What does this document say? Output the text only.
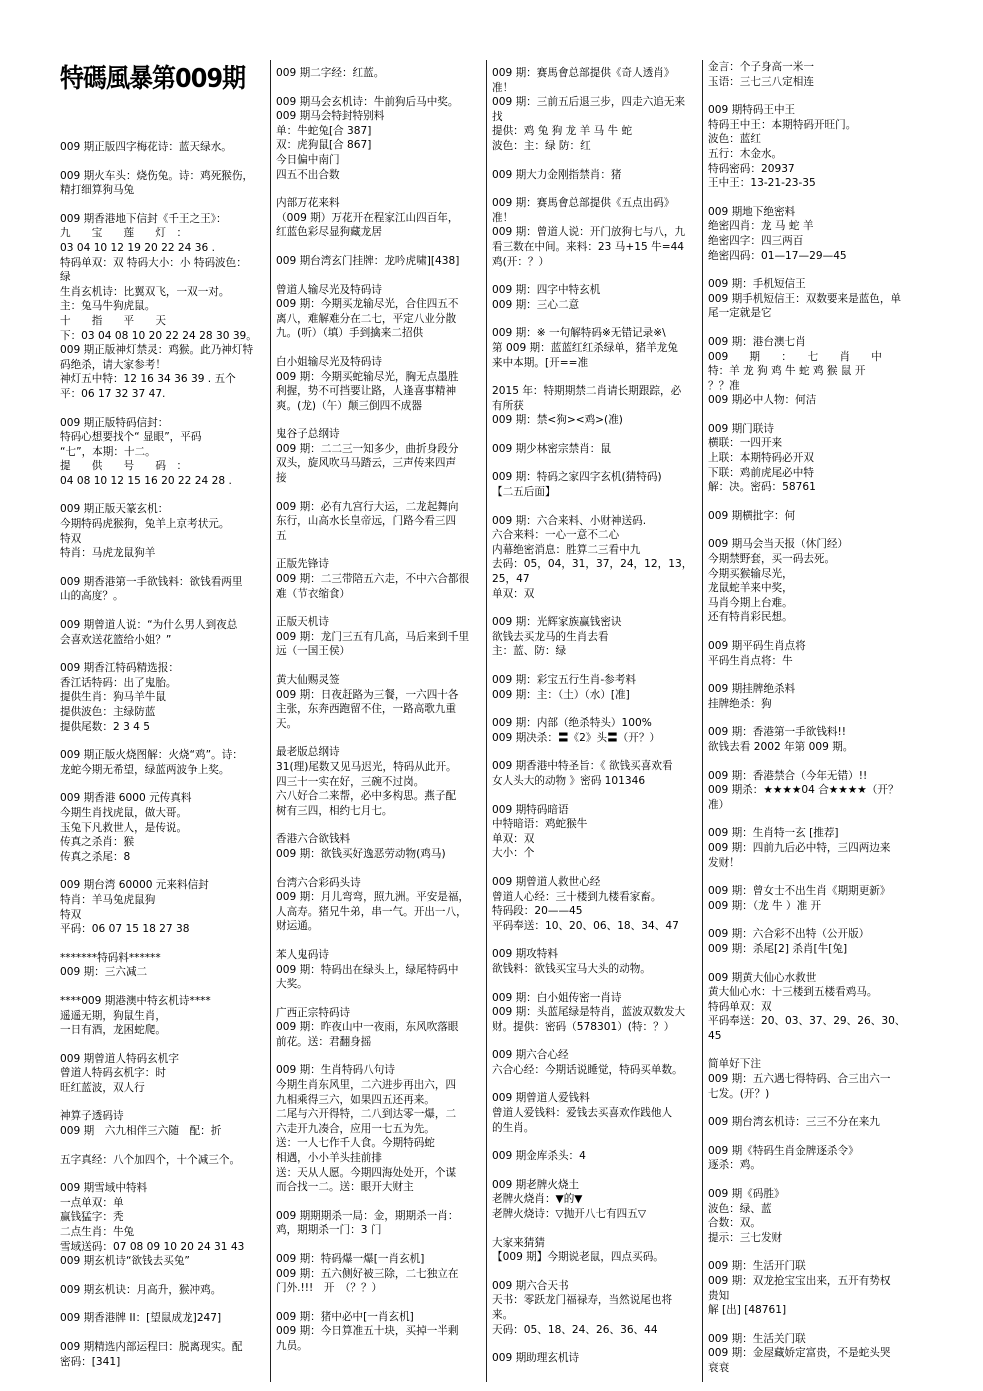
特碼風暴第009期
009 期正版四字梅花诗：蓝天绿水。
009 期火车头：烧伤兔。诗：鸡死猴伤，
精打细算狗马兔
009 期香港地下信封《千王之王》：
九　　宝　　莲　　灯　：
03 04 10 12 19 20 22 24 36 .
特码单双：双 特码大小：小 特码波色：
绿
生肖玄机诗：比翼双飞，一双一对。
主：兔马牛狗虎鼠。
十　　指　　平　　天
下：03 04 08 10 20 22 24 28 30 39。
009 期正版神灯禁灵：鸡猴。此乃神灯特
码绝杀，请大家参考！
神灯五中特：12 16 34 36 39 . 五个
平：06 17 32 37 47.
009 期正版特码信封：
特码心想要找个“ 显眼”，平码
“七”，本期：十二。
提　　供　　号　　码　：
04 08 10 12 15 16 20 22 24 28 .
009 期正版天篆玄机：
今期特码虎猴狗，兔羊上京考状元。
特双
特肖：马虎龙鼠狗羊
009 期香港第一手欲钱料：欲钱看两里
山的高度？。
009 期曾道人说：“为什么男人到夜总
会喜欢送花篮给小姐？”
009 期香江特码精选报：
香江话特码：出了鬼胎。
提供生肖：狗马羊牛鼠
提供波色：主绿防蓝
提供尾数：2 3 4 5
009 期正版火烧图解：火烧“鸡”。诗：
龙蛇今期无希望，绿蓝两波争上奖。
009 期香港 6000 元传真料
今期生肖找虎鼠，做大哥。
玉兔下凡救世人，是传说。
传真之杀肖：猴
传真之杀尾：8
009 期台湾 60000 元来料信封
特肖：羊马兔虎鼠狗
特双
平码：06 07 15 18 27 38
*******特码料******
009 期：三六减二
****009 期港澳中特玄机诗****
遥遥无期，狗鼠生肖，
一日有酒，龙困蛇爬。
009 期曾道人特码玄机字
曾道人特码玄机字：时
旺红蓝波，双人行
神算子透码诗
009 期　六九相伴三六随　配：折
五字真经：八个加四个，十个减三个。
009 期雪域中特料
一点单双：单
赢钱猛字：秃
二点生肖：牛兔
雪域送码：07 08 09 10 20 24 31 43
009 期玄机诗“欲钱去买兔”
009 期玄机诀：月高升，猴冲鸡。
009 期香港牌 II：[望鼠成龙]247]
009 期精选内部运程曰：脱离现实。配
密码：[341]
009 期二字经：红蓝。
009 期马会玄机诗：牛前狗后马中奖。
009 期马会特封特别料
单：牛蛇兔[合 387]
双：虎狗鼠[合 867]
今日偏中南门
四五不出合数
内部万花来料
（009 期）万花开在程家江山四百年，
红蓝色彩尽显狗藏龙居
009 期台湾玄门挂牌：龙吟虎啸][438]
曾道人输尽光及特码诗
009 期：今期买龙输尽光，合住四五不
离八，难解难分在二七，平定八业分散
九。(听）（填）手到擒来二招供
白小姐输尽光及特码诗
009 期：今期买蛇输尽光，胸无点墨胜
利握，势不可挡要让路，人逢喜事精神
爽。(龙)（午）颠三倒四不成器
鬼谷子总纲诗
009 期：二二三一知多少，曲折身段分
双头，旋风吹马马踏云，三声传来四声
接
009 期：必有九宫行大运，二龙起舞向
东行，山高水长皇帝远，门路今看三四
五
正版先锋诗
009 期：二三带陪五六走，不中六合都很
难（节衣缩食）
正版天机诗
009 期：龙门三五有几高，马后来到千里
远（一国王侯）
黄大仙赐灵签
009 期：日夜赶路为三餐，一六四十各
主张，东奔西跑留不住，一路高歌九重
天。
最老版总纲诗
31(理)尾数又见马迟光，特码从此开。
四三十一实在好，三碗不过岗。
六八好合二来帮，必中多构思。燕子配
树有三四，相约七月七。
香港六合欲钱料
009 期：欲钱买好逸恶劳动物(鸡马)
台湾六合彩码头诗
009 期：月儿弯弯，照九洲。平安是福，
人高寿。猪兄牛弟，串一气。开出一八，
财运通。
苯人鬼码诗
009 期：特码出在绿头上，绿尾特码中
大奖。
广西正宗特码诗
009 期：昨夜山中一夜雨，东风吹落眼
前花。送：君翻身摇
009 期：生肖特码八句诗
今期生肖东风里，二六进步再出六，四
九相乘得三六，如果四五还再来。
二尾与六开得特，二八到达零一爆，二
六走开九凑合，应用一七五为先。
送：一人七作千人食。今期特码蛇
相遇，小小羊头挂前排
送：天从人愿。今期四海处处开，个谋
而合找一二。送：眼开大财主
009 期期期杀一局：金，期期杀一肖：
鸡，期期杀一门：3 门
009 期：特码爆一爆[一肖玄机]
009 期：五六侧好被三除，二七独立在
门外.!!!　开　（？？）
009 期：猪中必中[一肖玄机]
009 期：今日算准五十块，买掉一半剩
九员。
009 期：赛馬會总部提供《奇人透肖》
准！
009 期：三前五后退三步，四走六追无来
找
提供：鸡 兔 狗 龙 羊 马 牛 蛇
波色：主：绿 防：红
009 期大力金刚指禁肖：猪
009 期：赛馬會总部提供《五点出码》
准！
009 期：曾道人说：开门放狗七与八，九
看三数在中间。来料：23 马+15 牛=44
鸡(开：？）
009 期：四字中特玄机
009 期：三心二意
009 期：※ 一句解特码※无错记录※\
第 009 期：蓝蓝红红杀绿单，猪羊龙兔
来中本期。[开==准
2015 年：特期期禁二肖请长期跟踪，必
有所获
009 期：禁<狗><鸡>(准)
009 期少林密宗禁肖：鼠
009 期：特码之家四字玄机(猜特码)
【二五后面】
009 期：六合来料、小财神送码.
六合来料：一心一意不二心
内幕绝密消息：胜算二三看中九
去码：05，04，31，37，24，12，13，
25，47
单双：双
009 期：光辉家族赢钱密诀
欲钱去买龙马的生肖去看
主：蓝、防：绿
009 期：彩宝五行生肖-参考料
009 期：主：（土）（水）[准]
009 期：内部（绝杀特头）100%
009 期决杀：〓《2》头〓（开？）
009 期香港中特圣旨：《 欲钱买喜欢看
女人头大的动物 》密码 101346
009 期特码暗语
中特暗语：鸡蛇猴牛
单双：双
大小：个
009 期曾道人救世心经
曾道人心经：三十楼到九楼看家畜。
特码段：20——45
平码奉送：10、20、06、18、34、47
009 期攻特料
欲钱料：欲钱买宝马大头的动物。
009 期：白小姐传密一肖诗
009 期：头蓝尾绿是特肖，蓝波双数发大
财。提供：密码（578301）(特：？）
009 期六合心经
六合心经：今期话说睡觉，特码买单数。
009 期曾道人爱钱料
曾道人爱钱料：爱钱去买喜欢作践他人
的生肖。
009 期金库杀头：4
009 期老牌火烧土
老牌火烧肖：▼的▼
老牌火烧诗：▽抛开八七有四五▽
大家来猜猜
【009 期】今期说老鼠，四点买码。
009 期六合天书
天书：零跃龙门福禄寿，当然说尾也将
来。
天码：05、18、24、26、36、44
009 期助理玄机诗
金言：个子身高一米一
玉语：三七三八定相连
009 期特码王中王
特码王中王：本期特码开旺门。
波色：蓝红
五行：木金水。
特码密码：20937
王中王：13-21-23-35
009 期地下绝密料
绝密四肖：龙 马 蛇 羊
绝密四字：四三两百
绝密四码：01—17—29—45
009 期：手机短信王
009 期手机短信王：双数要来是蓝色，单
尾一定就是它
009 期：港台澳七肖
009　　期　　：　　七　　肖　　中
特：羊 龙 狗 鸡 牛 蛇 鸡 猴 鼠 开
？？准
009 期必中人物：何洁
009 期门联诗
横联：一四开来
上联：本期特码必开双
下联：鸡前虎尾必中特
解：决。密码：58761
009 期横批字：何
009 期马会当天报（休门经）
今期禁野套，买一码去死。
今期买猴输尽光，
龙鼠蛇羊来中奖，
马肖今期上台难。
还有特肖彩民想。
009 期平码生肖点将
平码生肖点将：牛
009 期挂牌绝杀料
挂牌绝杀：狗
009 期：香港第一手欲钱料!!
欲钱去看 2002 年第 009 期。
009 期：香港禁合（今年无错）!!
009 期杀：★★★★04 合★★★★（开？
准）
009 期：生肖特一玄 [推荐]
009 期：四前九后必中特，三四两边来
发财！
009 期：曾女士不出生肖《期期更新》
009 期：（龙 牛 ）准 开
009 期：六合彩不出特（公开版）
009 期：杀尾[2] 杀肖[牛[兔]
009 期黄大仙心水救世
黄大仙心水：十三楼到五楼看鸡马。
特码单双：双
平码奉送：20、03、37、29、26、30、
45
简单好下注
009 期：五六遇七得特码、合三出六一
七发。(开？)
009 期台湾玄机诗：三三不分在来九
009 期《特码生肖金牌逐杀令》
逐杀：鸡。
009 期《码胜》
波色：绿、蓝
合数：双。
提示：三七发财
009 期：生活开门联
009 期：双龙抢宝宝出来，五开有势权
贵知
解 [出] [48761]
009 期：生活关门联
009 期：金屋藏娇定富贵，不是蛇头哭
衰衰
